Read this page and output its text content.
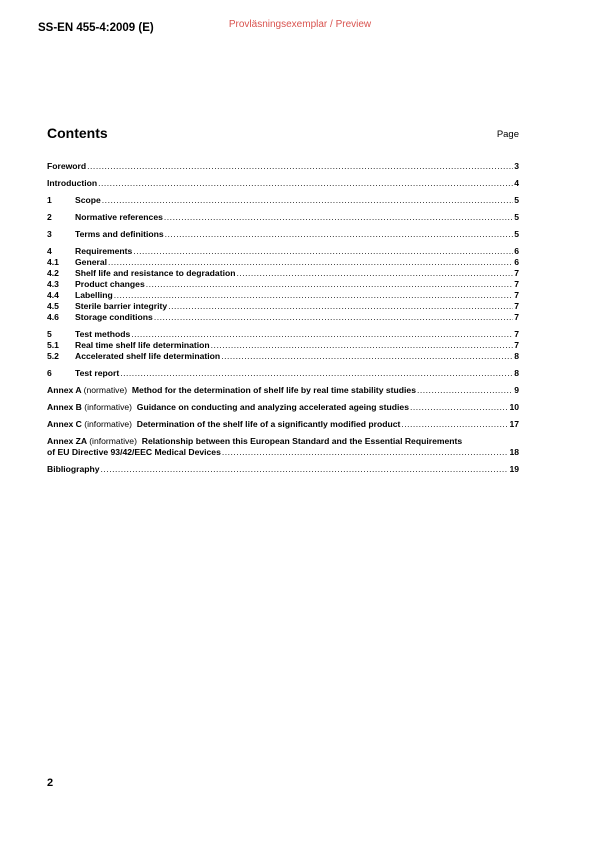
SS-EN 455-4:2009 (E)	Provläsningsexemplar / Preview
Contents	Page
Foreword .....	3
Introduction .....	4
1	Scope .....	5
2	Normative references .....	5
3	Terms and definitions .....	5
4	Requirements .....	6
4.1	General .....	6
4.2	Shelf life and resistance to degradation .....	7
4.3	Product changes .....	7
4.4	Labelling .....	7
4.5	Sterile barrier integrity .....	7
4.6	Storage conditions .....	7
5	Test methods .....	7
5.1	Real time shelf life determination .....	7
5.2	Accelerated shelf life determination .....	8
6	Test report .....	8
Annex A (normative) Method for the determination of shelf life by real time stability studies .....	9
Annex B (informative) Guidance on conducting and analyzing accelerated ageing studies .....	10
Annex C (informative) Determination of the shelf life of a significantly modified product .....	17
Annex ZA (informative) Relationship between this European Standard and the Essential Requirements
of EU Directive 93/42/EEC Medical Devices .....	18
Bibliography .....	19
2
